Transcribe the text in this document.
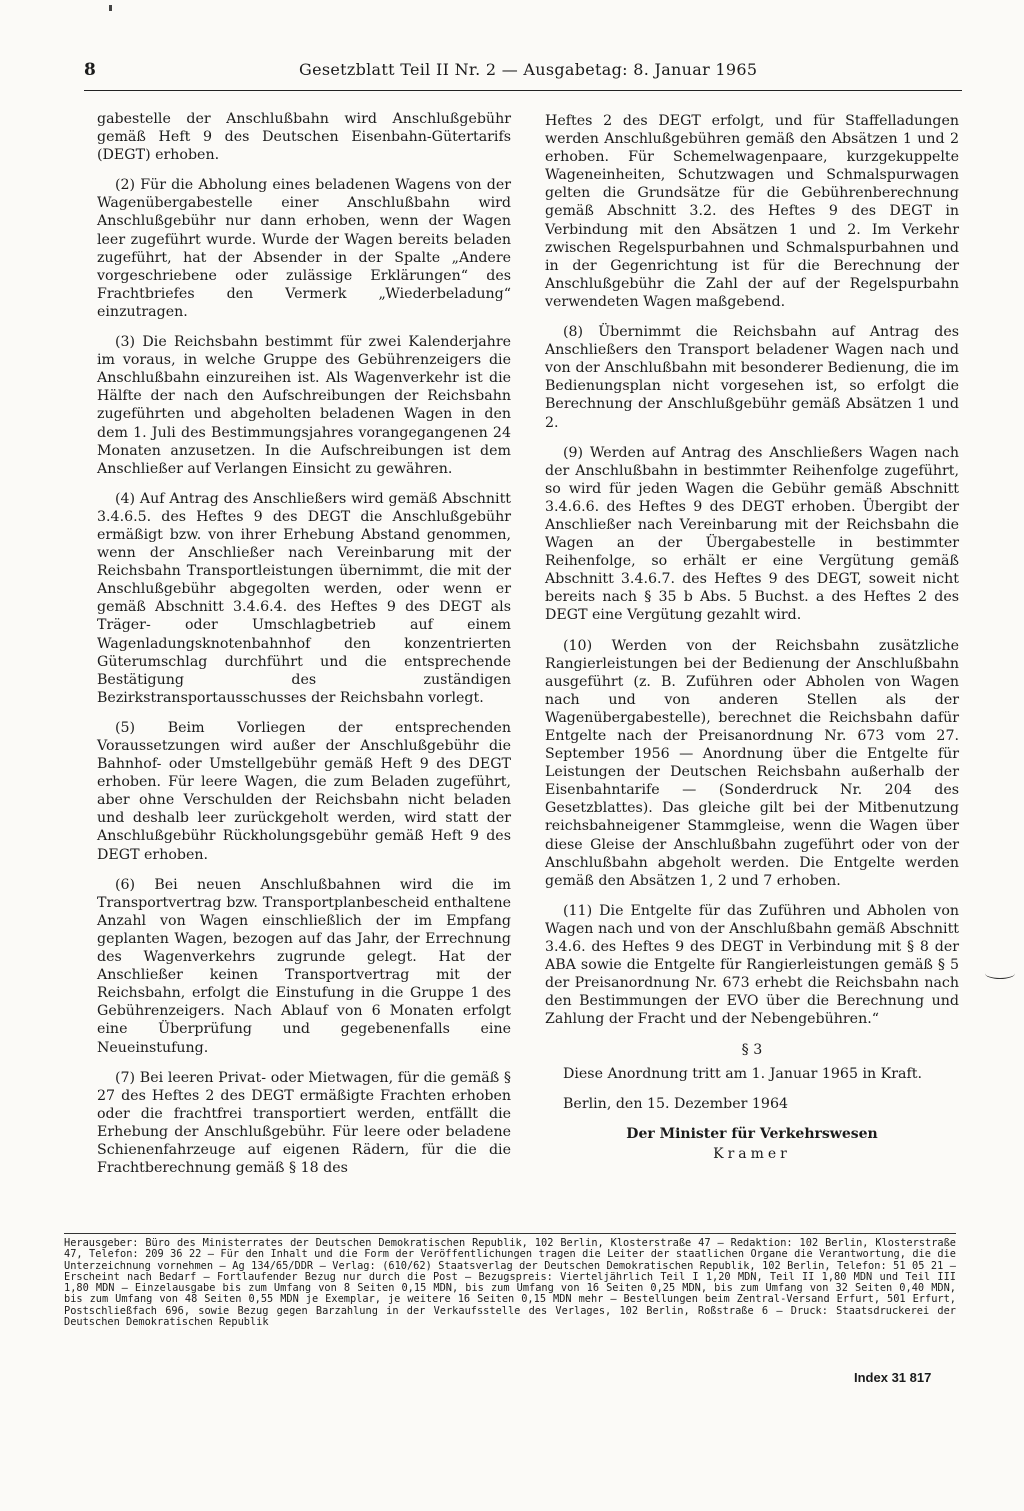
8	Gesetzblatt Teil II Nr. 2 — Ausgabetag: 8. Januar 1965

gabestelle der Anschlußbahn wird Anschlußgebühr gemäß Heft 9 des Deutschen Eisenbahn-Gütertarifs (DEGT) erhoben.

(2) Für die Abholung eines beladenen Wagens von der Wagenübergabestelle einer Anschlußbahn wird Anschlußgebühr nur dann erhoben, wenn der Wagen leer zugeführt wurde. Wurde der Wagen bereits beladen zugeführt, hat der Absender in der Spalte „Andere vorgeschriebene oder zulässige Erklärungen“ des Frachtbriefes den Vermerk „Wiederbeladung“ einzutragen.

(3) Die Reichsbahn bestimmt für zwei Kalenderjahre im voraus, in welche Gruppe des Gebührenzeigers die Anschlußbahn einzureihen ist. Als Wagenverkehr ist die Hälfte der nach den Aufschreibungen der Reichsbahn zugeführten und abgeholten beladenen Wagen in den dem 1. Juli des Bestimmungsjahres vorangegangenen 24 Monaten anzusetzen. In die Aufschreibungen ist dem Anschließer auf Verlangen Einsicht zu gewähren.

(4) Auf Antrag des Anschließers wird gemäß Abschnitt 3.4.6.5. des Heftes 9 des DEGT die Anschlußgebühr ermäßigt bzw. von ihrer Erhebung Abstand genommen, wenn der Anschließer nach Vereinbarung mit der Reichsbahn Transportleistungen übernimmt, die mit der Anschlußgebühr abgegolten werden, oder wenn er gemäß Abschnitt 3.4.6.4. des Heftes 9 des DEGT als Träger- oder Umschlagbetrieb auf einem Wagenladungsknotenbahnhof den konzentrierten Güterumschlag durchführt und die entsprechende Bestätigung des zuständigen Bezirkstransportausschusses der Reichsbahn vorlegt.

(5) Beim Vorliegen der entsprechenden Voraussetzungen wird außer der Anschlußgebühr die Bahnhof- oder Umstellgebühr gemäß Heft 9 des DEGT erhoben. Für leere Wagen, die zum Beladen zugeführt, aber ohne Verschulden der Reichsbahn nicht beladen und deshalb leer zurückgeholt werden, wird statt der Anschlußgebühr Rückholungsgebühr gemäß Heft 9 des DEGT erhoben.

(6) Bei neuen Anschlußbahnen wird die im Transportvertrag bzw. Transportplanbescheid enthaltene Anzahl von Wagen einschließlich der im Empfang geplanten Wagen, bezogen auf das Jahr, der Errechnung des Wagenverkehrs zugrunde gelegt. Hat der Anschließer keinen Transportvertrag mit der Reichsbahn, erfolgt die Einstufung in die Gruppe 1 des Gebührenzeigers. Nach Ablauf von 6 Monaten erfolgt eine Überprüfung und gegebenenfalls eine Neueinstufung.

(7) Bei leeren Privat- oder Mietwagen, für die gemäß § 27 des Heftes 2 des DEGT ermäßigte Frachten erhoben oder die frachtfrei transportiert werden, entfällt die Erhebung der Anschlußgebühr. Für leere oder beladene Schienenfahrzeuge auf eigenen Rädern, für die die Frachtberechnung gemäß § 18 des

Heftes 2 des DEGT erfolgt, und für Staffelladungen werden Anschlußgebühren gemäß den Absätzen 1 und 2 erhoben. Für Schemelwagenpaare, kurzgekuppelte Wageneinheiten, Schutzwagen und Schmalspurwagen gelten die Grundsätze für die Gebührenberechnung gemäß Abschnitt 3.2. des Heftes 9 des DEGT in Verbindung mit den Absätzen 1 und 2. Im Verkehr zwischen Regelspurbahnen und Schmalspurbahnen und in der Gegenrichtung ist für die Berechnung der Anschlußgebühr die Zahl der auf der Regelspurbahn verwendeten Wagen maßgebend.

(8) Übernimmt die Reichsbahn auf Antrag des Anschließers den Transport beladener Wagen nach und von der Anschlußbahn mit besonderer Bedienung, die im Bedienungsplan nicht vorgesehen ist, so erfolgt die Berechnung der Anschlußgebühr gemäß Absätzen 1 und 2.

(9) Werden auf Antrag des Anschließers Wagen nach der Anschlußbahn in bestimmter Reihenfolge zugeführt, so wird für jeden Wagen die Gebühr gemäß Abschnitt 3.4.6.6. des Heftes 9 des DEGT erhoben. Übergibt der Anschließer nach Vereinbarung mit der Reichsbahn die Wagen an der Übergabestelle in bestimmter Reihenfolge, so erhält er eine Vergütung gemäß Abschnitt 3.4.6.7. des Heftes 9 des DEGT, soweit nicht bereits nach § 35 b Abs. 5 Buchst. a des Heftes 2 des DEGT eine Vergütung gezahlt wird.

(10) Werden von der Reichsbahn zusätzliche Rangierleistungen bei der Bedienung der Anschlußbahn ausgeführt (z. B. Zuführen oder Abholen von Wagen nach und von anderen Stellen als der Wagenübergabestelle), berechnet die Reichsbahn dafür Entgelte nach der Preisanordnung Nr. 673 vom 27. September 1956 — Anordnung über die Entgelte für Leistungen der Deutschen Reichsbahn außerhalb der Eisenbahntarife — (Sonderdruck Nr. 204 des Gesetzblattes). Das gleiche gilt bei der Mitbenutzung reichsbahneigener Stammgleise, wenn die Wagen über diese Gleise der Anschlußbahn zugeführt oder von der Anschlußbahn abgeholt werden. Die Entgelte werden gemäß den Absätzen 1, 2 und 7 erhoben.

(11) Die Entgelte für das Zuführen und Abholen von Wagen nach und von der Anschlußbahn gemäß Abschnitt 3.4.6. des Heftes 9 des DEGT in Verbindung mit § 8 der ABA sowie die Entgelte für Rangierleistungen gemäß § 5 der Preisanordnung Nr. 673 erhebt die Reichsbahn nach den Bestimmungen der EVO über die Berechnung und Zahlung der Fracht und der Nebengebühren.“

§ 3

Diese Anordnung tritt am 1. Januar 1965 in Kraft.

Berlin, den 15. Dezember 1964

Der Minister für Verkehrswesen
Kramer
Herausgeber: Büro des Ministerrates der Deutschen Demokratischen Republik, 102 Berlin, Klosterstraße 47 – Redaktion: 102 Berlin, Klosterstraße 47, Telefon: 209 36 22 – Für den Inhalt und die Form der Veröffentlichungen tragen die Leiter der staatlichen Organe die Verantwortung, die die Unterzeichnung vornehmen – Ag 134/65/DDR – Verlag: (610/62) Staatsverlag der Deutschen Demokratischen Republik, 102 Berlin, Telefon: 51 05 21 – Erscheint nach Bedarf – Fortlaufender Bezug nur durch die Post – Bezugspreis: Vierteljährlich Teil I 1,20 MDN, Teil II 1,80 MDN und Teil III 1,80 MDN – Einzelausgabe bis zum Umfang von 8 Seiten 0,15 MDN, bis zum Umfang von 16 Seiten 0,25 MDN, bis zum Umfang von 32 Seiten 0,40 MDN, bis zum Umfang von 48 Seiten 0,55 MDN je Exemplar, je weitere 16 Seiten 0,15 MDN mehr – Bestellungen beim Zentral-Versand Erfurt, 501 Erfurt, Postschließfach 696, sowie Bezug gegen Barzahlung in der Verkaufsstelle des Verlages, 102 Berlin, Roßstraße 6 – Druck: Staatsdruckerei der Deutschen Demokratischen Republik
Index 31 817
